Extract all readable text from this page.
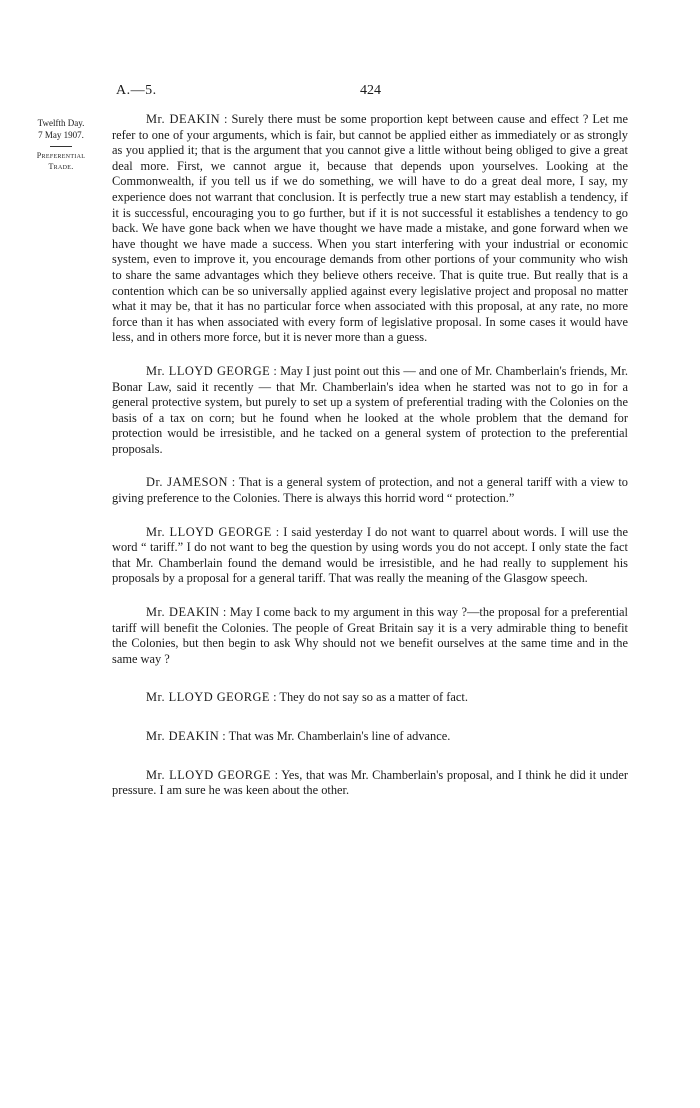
A.—5.	424
Twelfth Day.
7 May 1907.
Preferential
Trade.

Mr. DEAKIN : Surely there must be some proportion kept between cause and effect ? Let me refer to one of your arguments, which is fair, but cannot be applied either as immediately or as strongly as you applied it; that is the argument that you cannot give a little without being obliged to give a great deal more. First, we cannot argue it, because that depends upon yourselves. Looking at the Commonwealth, if you tell us if we do something, we will have to do a great deal more, I say, my experience does not warrant that conclusion. It is perfectly true a new start may establish a tendency, if it is successful, encouraging you to go further, but if it is not successful it establishes a tendency to go back. We have gone back when we have thought we have made a mistake, and gone forward when we have thought we have made a success. When you start interfering with your industrial or economic system, even to improve it, you encourage demands from other portions of your community who wish to share the same advantages which they believe others receive. That is quite true. But really that is a contention which can be so universally applied against every legislative project and proposal no matter what it may be, that it has no particular force when associated with this proposal, at any rate, no more force than it has when associated with every form of legislative proposal. In some cases it would have less, and in others more force, but it is never more than a guess.

Mr. LLOYD GEORGE : May I just point out this — and one of Mr. Chamberlain's friends, Mr. Bonar Law, said it recently — that Mr. Chamberlain's idea when he started was not to go in for a general protective system, but purely to set up a system of preferential trading with the Colonies on the basis of a tax on corn; but he found when he looked at the whole problem that the demand for protection would be irresistible, and he tacked on a general system of protection to the preferential proposals.

Dr. JAMESON : That is a general system of protection, and not a general tariff with a view to giving preference to the Colonies. There is always this horrid word “ protection.”

Mr. LLOYD GEORGE : I said yesterday I do not want to quarrel about words. I will use the word “ tariff.” I do not want to beg the question by using words you do not accept. I only state the fact that Mr. Chamberlain found the demand would be irresistible, and he had really to supplement his proposals by a proposal for a general tariff. That was really the meaning of the Glasgow speech.

Mr. DEAKIN : May I come back to my argument in this way ?—the proposal for a preferential tariff will benefit the Colonies. The people of Great Britain say it is a very admirable thing to benefit the Colonies, but then begin to ask Why should not we benefit ourselves at the same time and in the same way ?

Mr. LLOYD GEORGE : They do not say so as a matter of fact.

Mr. DEAKIN : That was Mr. Chamberlain's line of advance.

Mr. LLOYD GEORGE : Yes, that was Mr. Chamberlain's proposal, and I think he did it under pressure. I am sure he was keen about the other.
